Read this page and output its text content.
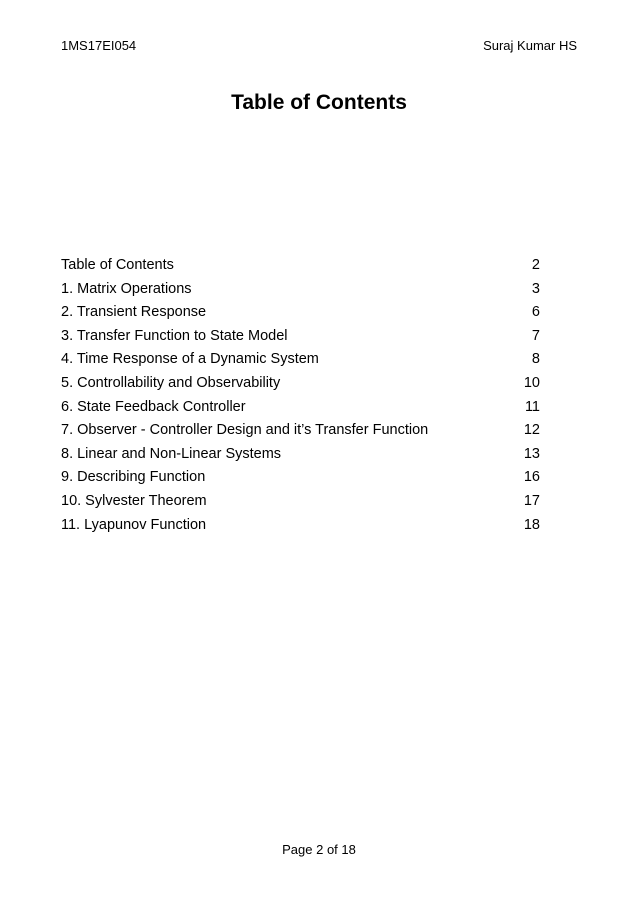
1MS17EI054	Suraj Kumar HS
Table of Contents
Table of Contents	2
1. Matrix Operations	3
2. Transient Response	6
3. Transfer Function to State Model	7
4. Time Response of a Dynamic System	8
5. Controllability and Observability	10
6. State Feedback Controller	11
7. Observer - Controller Design and it’s Transfer Function	12
8. Linear and Non-Linear Systems	13
9. Describing Function	16
10. Sylvester Theorem	17
11. Lyapunov Function	18
Page 2 of 18
